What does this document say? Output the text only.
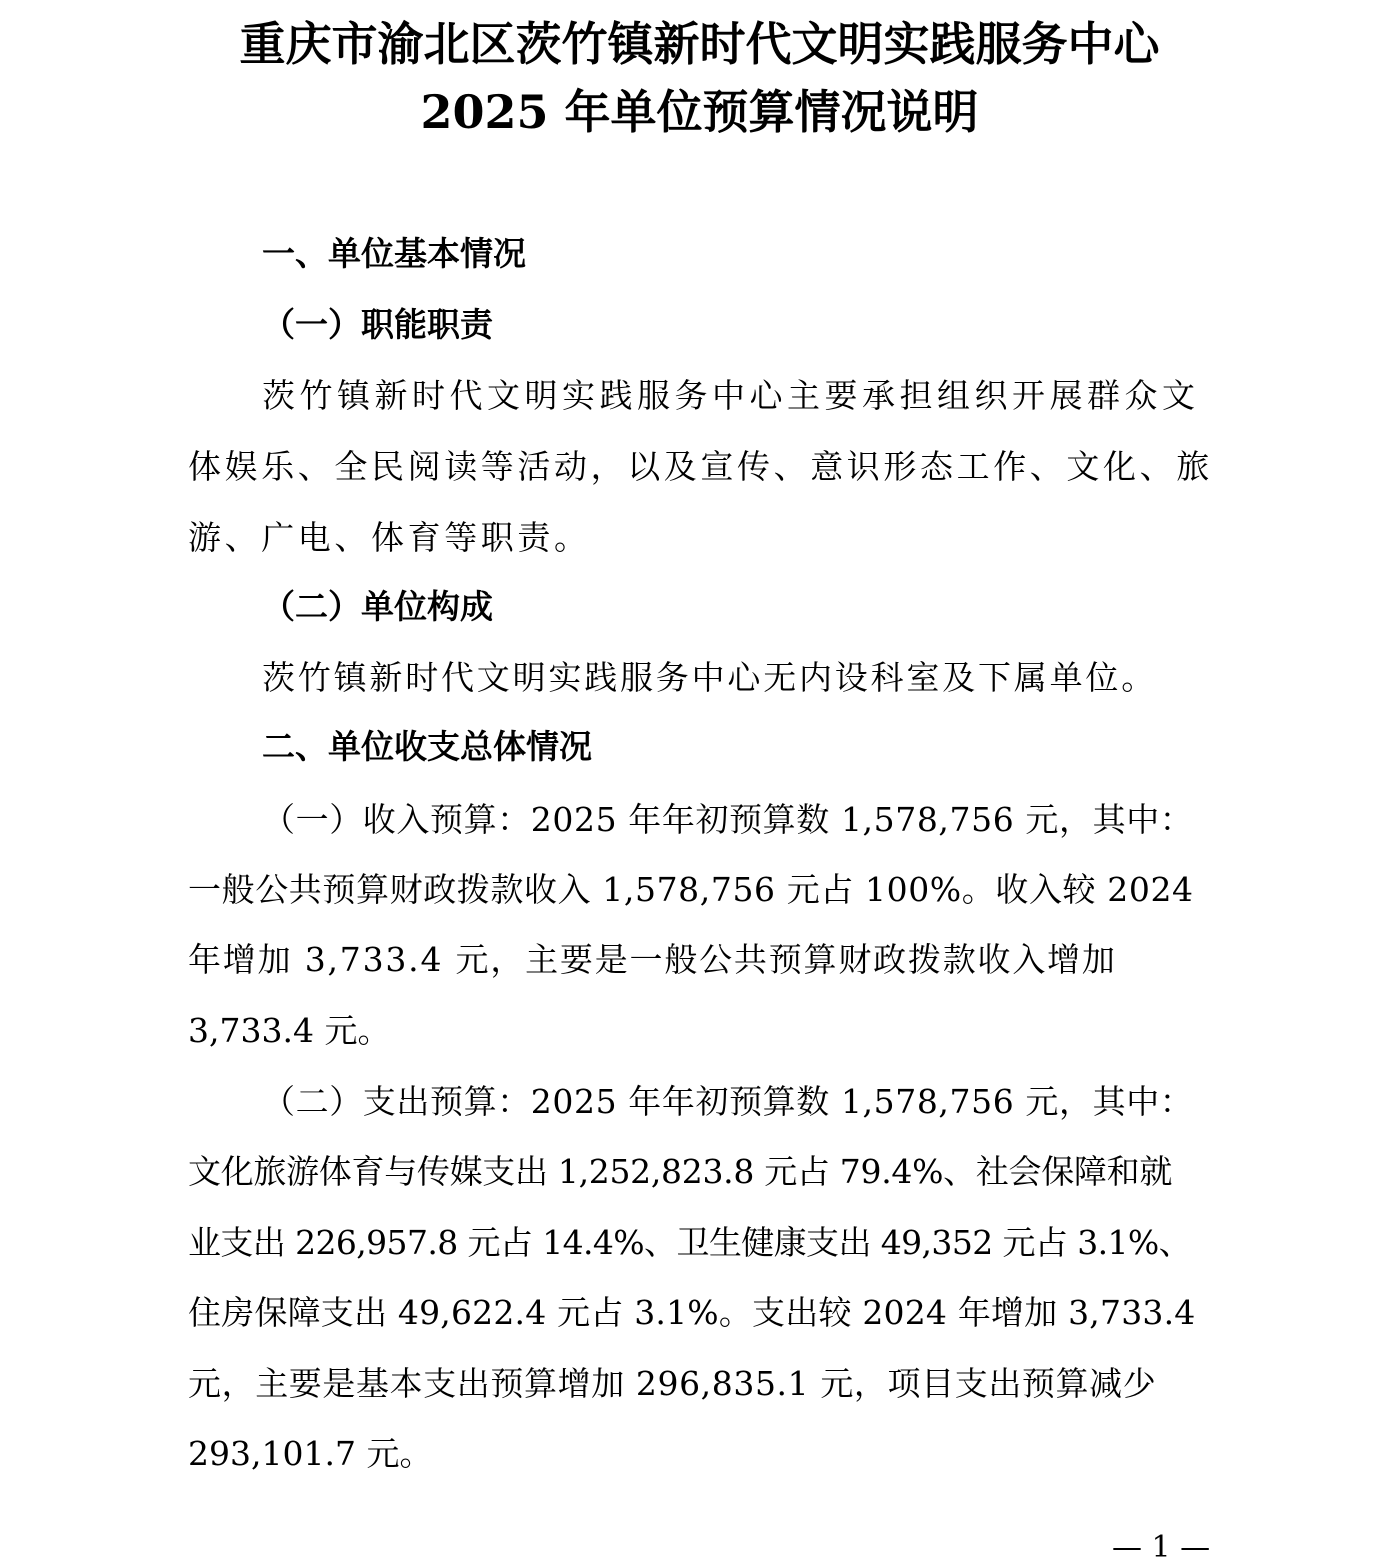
重庆市渝北区茨竹镇新时代文明实践服务中心
2025 年单位预算情况说明

一、单位基本情况

（一）职能职责

茨竹镇新时代文明实践服务中心主要承担组织开展群众文

体娱乐、全民阅读等活动，以及宣传、意识形态工作、文化、旅

游、广电、体育等职责。

（二）单位构成

茨竹镇新时代文明实践服务中心无内设科室及下属单位。

二、单位收支总体情况

（一）收入预算：2025 年年初预算数 1,578,756 元，其中：

一般公共预算财政拨款收入 1,578,756 元占 100%。收入较 2024

年增加 3,733.4 元，主要是一般公共预算财政拨款收入增加

3,733.4 元。

（二）支出预算：2025 年年初预算数 1,578,756 元，其中：

文化旅游体育与传媒支出 1,252,823.8 元占 79.4%、社会保障和就

业支出 226,957.8 元占 14.4%、卫生健康支出 49,352 元占 3.1%、

住房保障支出 49,622.4 元占 3.1%。支出较 2024 年增加 3,733.4

元，主要是基本支出预算增加 296,835.1 元，项目支出预算减少

293,101.7 元。

— 1 —
